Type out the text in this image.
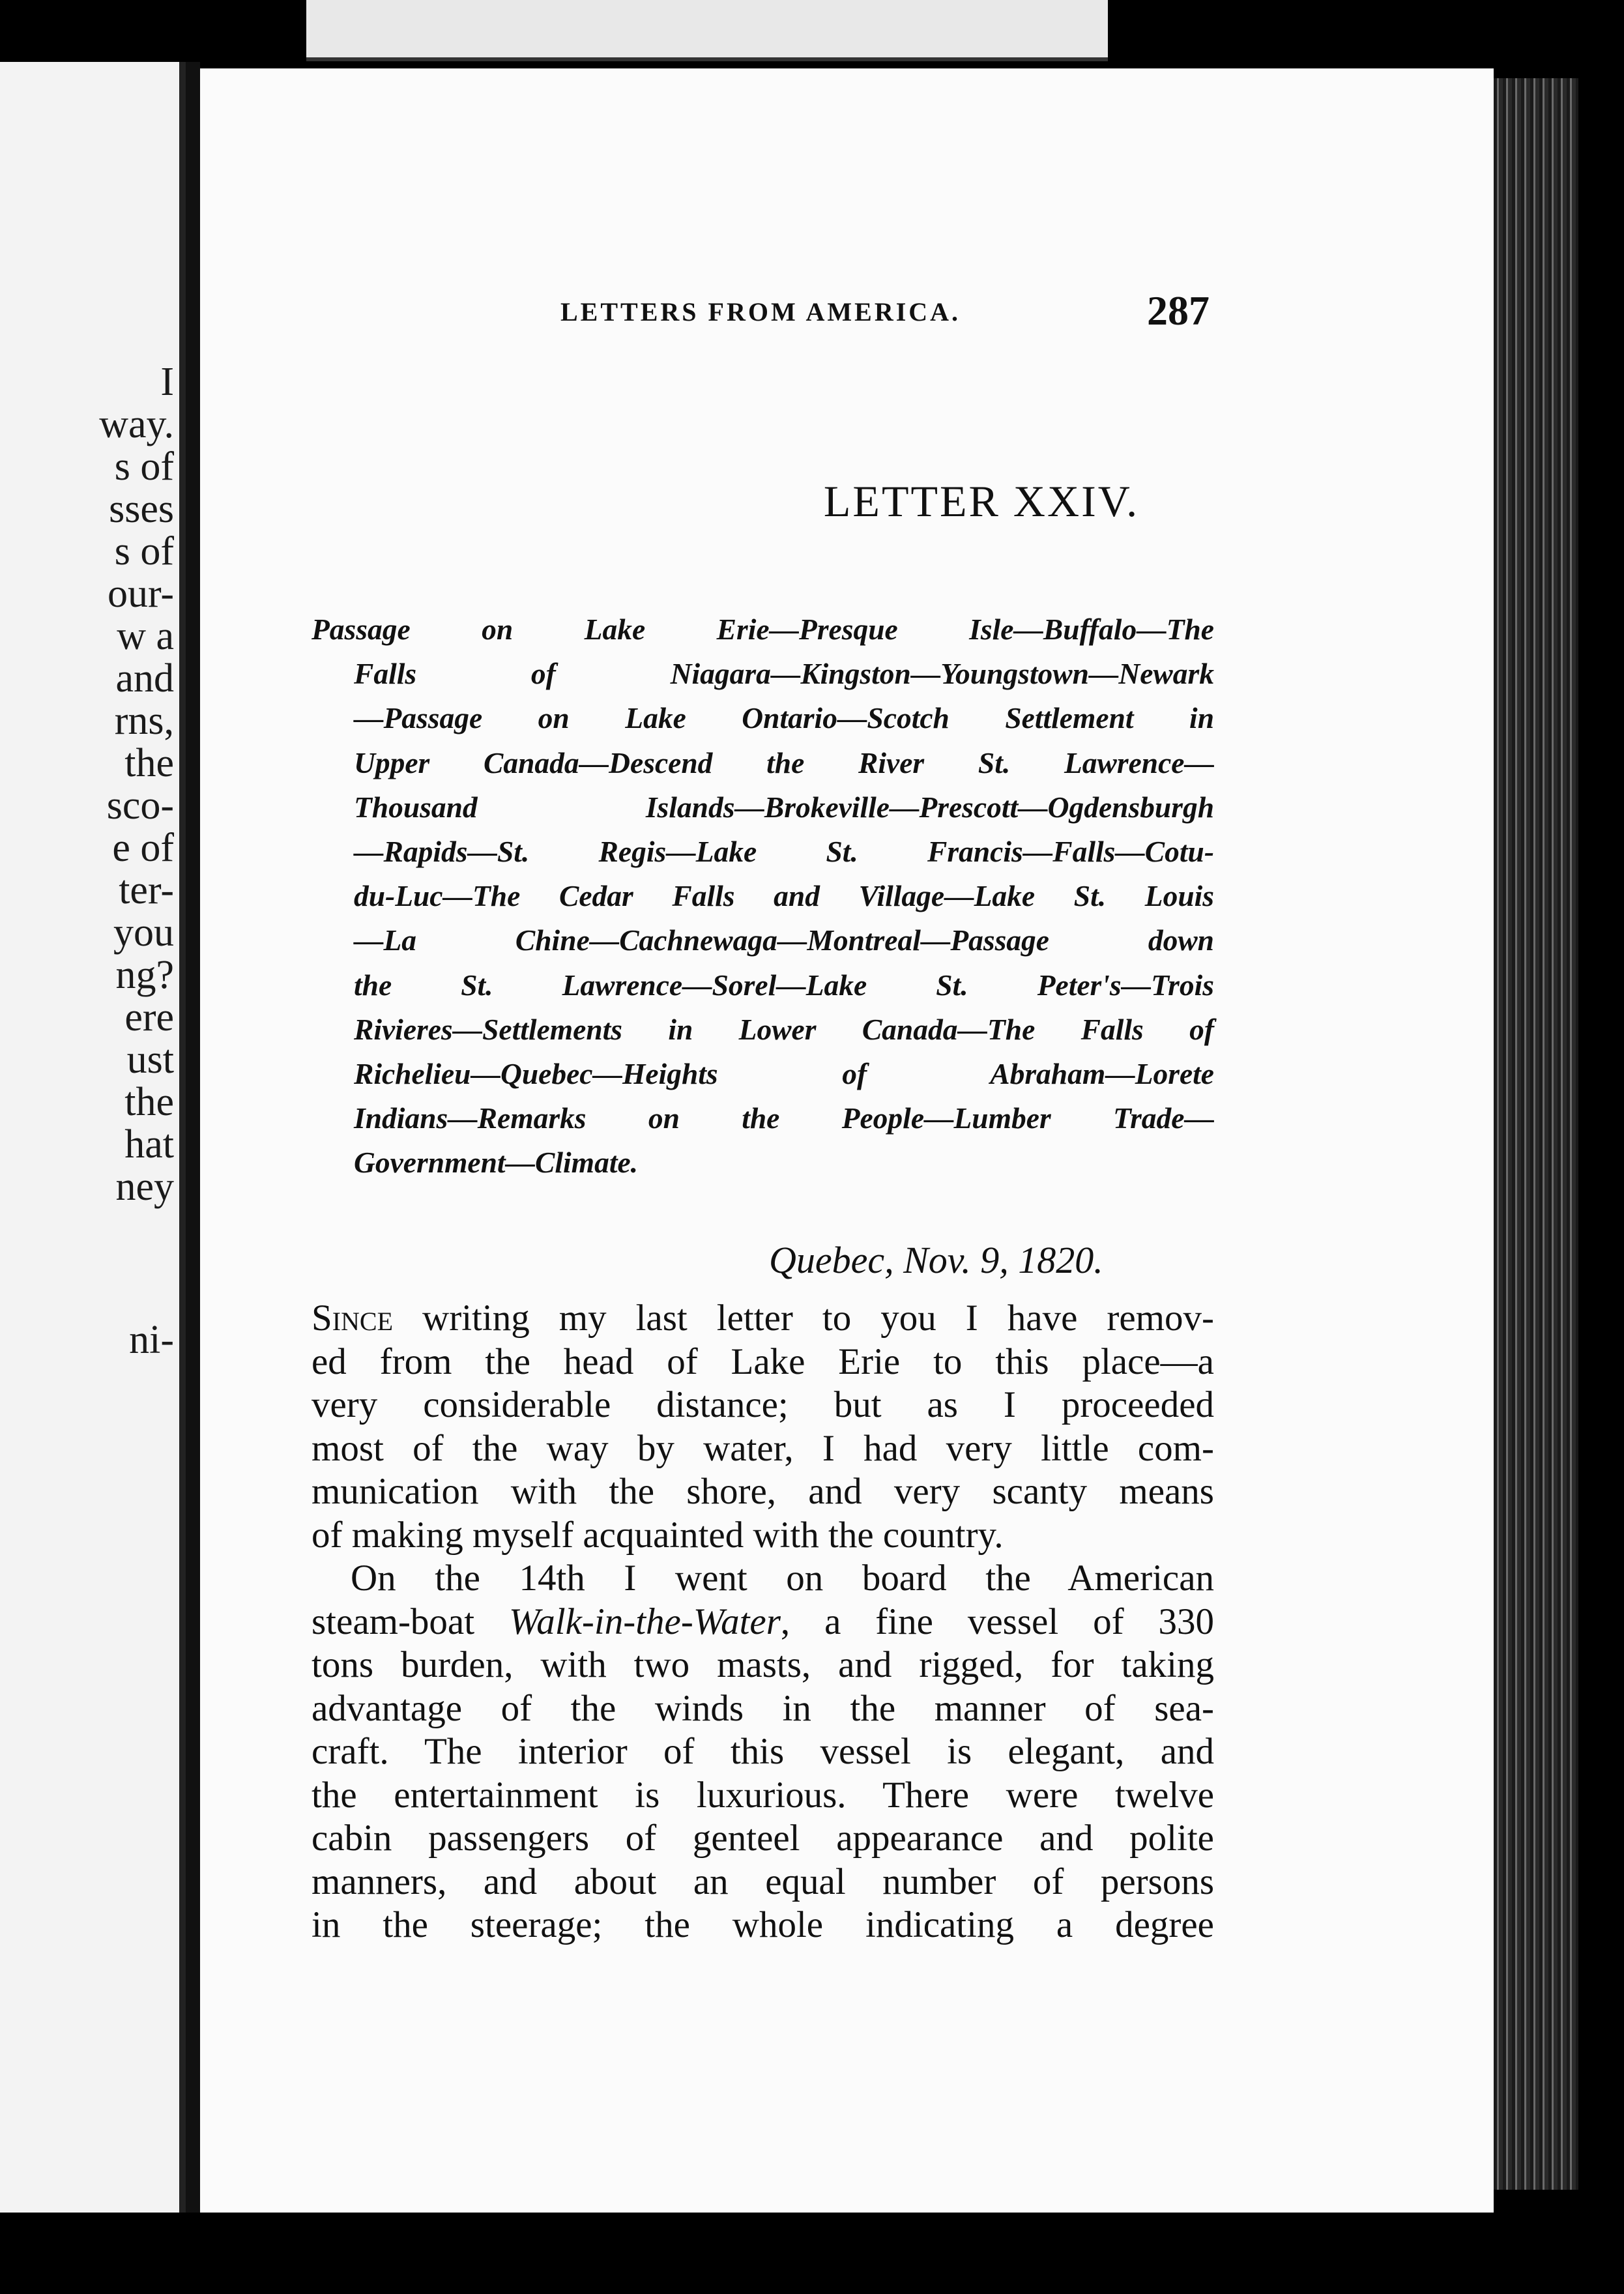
I
way.
s of
sses
s of
our-
w a
and
rns,
the
sco-
e of
ter-
you
ng?
ere
ust
the
hat
ney
ni-
LETTERS FROM AMERICA.	287
LETTER XXIV.
Passage on Lake Erie—Presque Isle—Buffalo—The
Falls of Niagara—Kingston—Youngstown—Newark
—Passage on Lake Ontario—Scotch Settlement in
Upper Canada—Descend the River St. Lawrence—
Thousand Islands—Brokeville—Prescott—Ogdensburgh
—Rapids—St. Regis—Lake St. Francis—Falls—Cotu-
du-Luc—The Cedar Falls and Village—Lake St. Louis
—La Chine—Cachnewaga—Montreal—Passage down
the St. Lawrence—Sorel—Lake St. Peter's—Trois
Rivieres—Settlements in Lower Canada—The Falls of
Richelieu—Quebec—Heights of Abraham—Lorete
Indians—Remarks on the People—Lumber Trade—
Government—Climate.
Quebec, Nov. 9, 1820.
Since writing my last letter to you I have remov-
ed from the head of Lake Erie to this place—a
very considerable distance; but as I proceeded
most of the way by water, I had very little com-
munication with the shore, and very scanty means
of making myself acquainted with the country.
On the 14th I went on board the American
steam-boat Walk-in-the-Water, a fine vessel of 330
tons burden, with two masts, and rigged, for taking
advantage of the winds in the manner of sea-
craft. The interior of this vessel is elegant, and
the entertainment is luxurious. There were twelve
cabin passengers of genteel appearance and polite
manners, and about an equal number of persons
in the steerage; the whole indicating a degree
